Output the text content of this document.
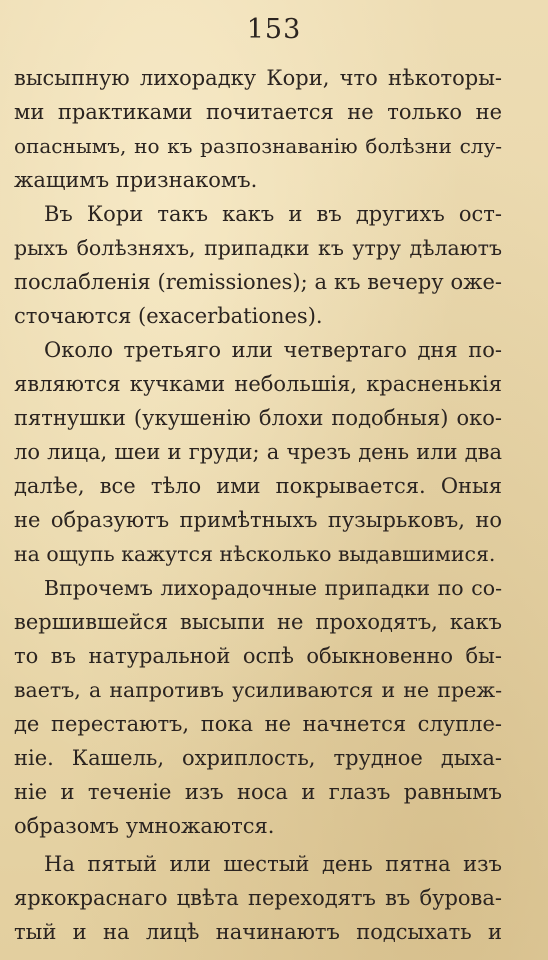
153
высыпную лихорадку Кори, что нѣкоторы-
ми практиками почитается не только не
опаснымъ, но къ разпознаванію болѣзни слу-
жащимъ признакомъ.
Въ Кори такъ какъ и въ другихъ ост-
рыхъ болѣзняхъ, припадки къ утру дѣлаютъ
послабленія (remissiones); а къ вечеру оже-
сточаются (exacerbationes).
Около третьяго или четвертаго дня по-
являются кучками небольшія, красненькія
пятнушки (укушенію блохи подобныя) око-
ло лица, шеи и груди; а чрезъ день или два
далѣе, все тѣло ими покрывается. Оныя
не образуютъ примѣтныхъ пузырьковъ, но
на ощупь кажутся нѣсколько выдавшимися.
Впрочемъ лихорадочные припадки по со-
вершившейся высыпи не проходятъ, какъ
то въ натуральной оспѣ обыкновенно бы-
ваетъ, а напротивъ усиливаются и не преж-
де перестаютъ, пока не начнется слупле-
ніе. Кашель, охриплость, трудное дыха-
ніе и теченіе изъ носа и глазъ равнымъ
образомъ умножаются.
На пятый или шестый день пятна изъ
яркокраснаго цвѣта переходятъ въ бурова-
тый и на лицѣ начинаютъ подсыхать и
